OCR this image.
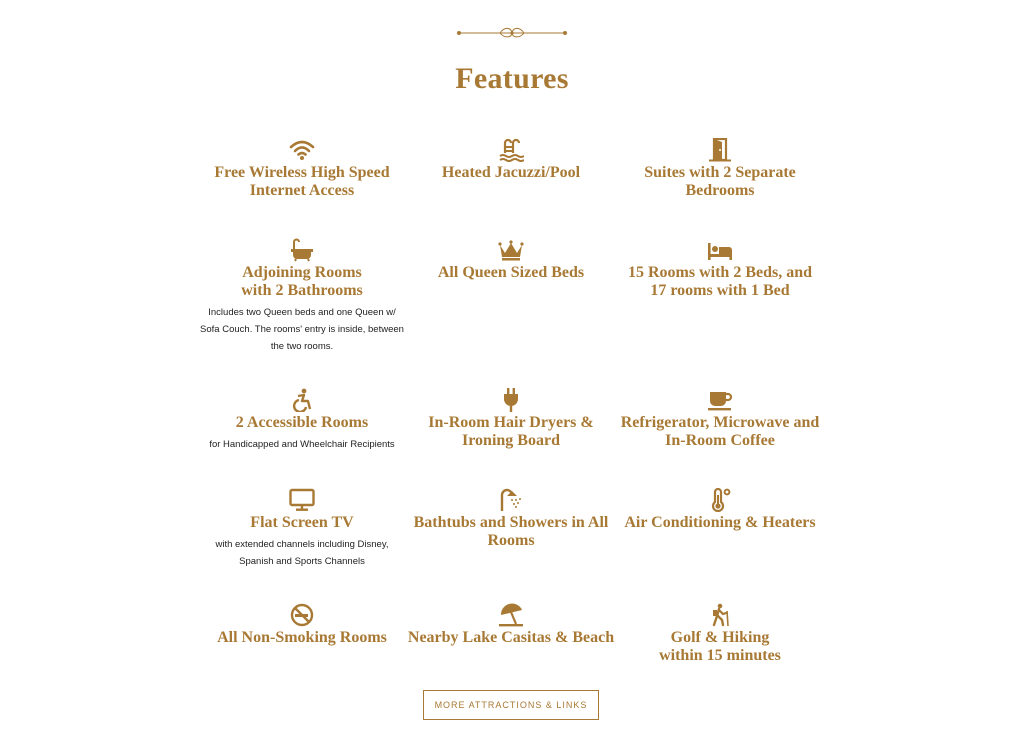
Features
Free Wireless High Speed
Internet Access
Heated Jacuzzi/Pool	Suites with 2 Separate
Bedrooms
Adjoining Rooms
with 2 Bathrooms
Includes two Queen beds and one Queen w/ Sofa Couch. The rooms' entry is inside, between the two rooms.
All Queen Sized Beds	15 Rooms with 2 Beds, and
17 rooms with 1 Bed
2 Accessible Rooms
for Handicapped and Wheelchair Recipients
In-Room Hair Dryers &
Ironing Board
Refrigerator, Microwave and
In-Room Coffee
Flat Screen TV
with extended channels including Disney, Spanish and Sports Channels
Bathtubs and Showers in All
Rooms
Air Conditioning & Heaters
All Non-Smoking Rooms	Nearby Lake Casitas & Beach	Golf & Hiking
within 15 minutes
MORE ATTRACTIONS & LINKS
